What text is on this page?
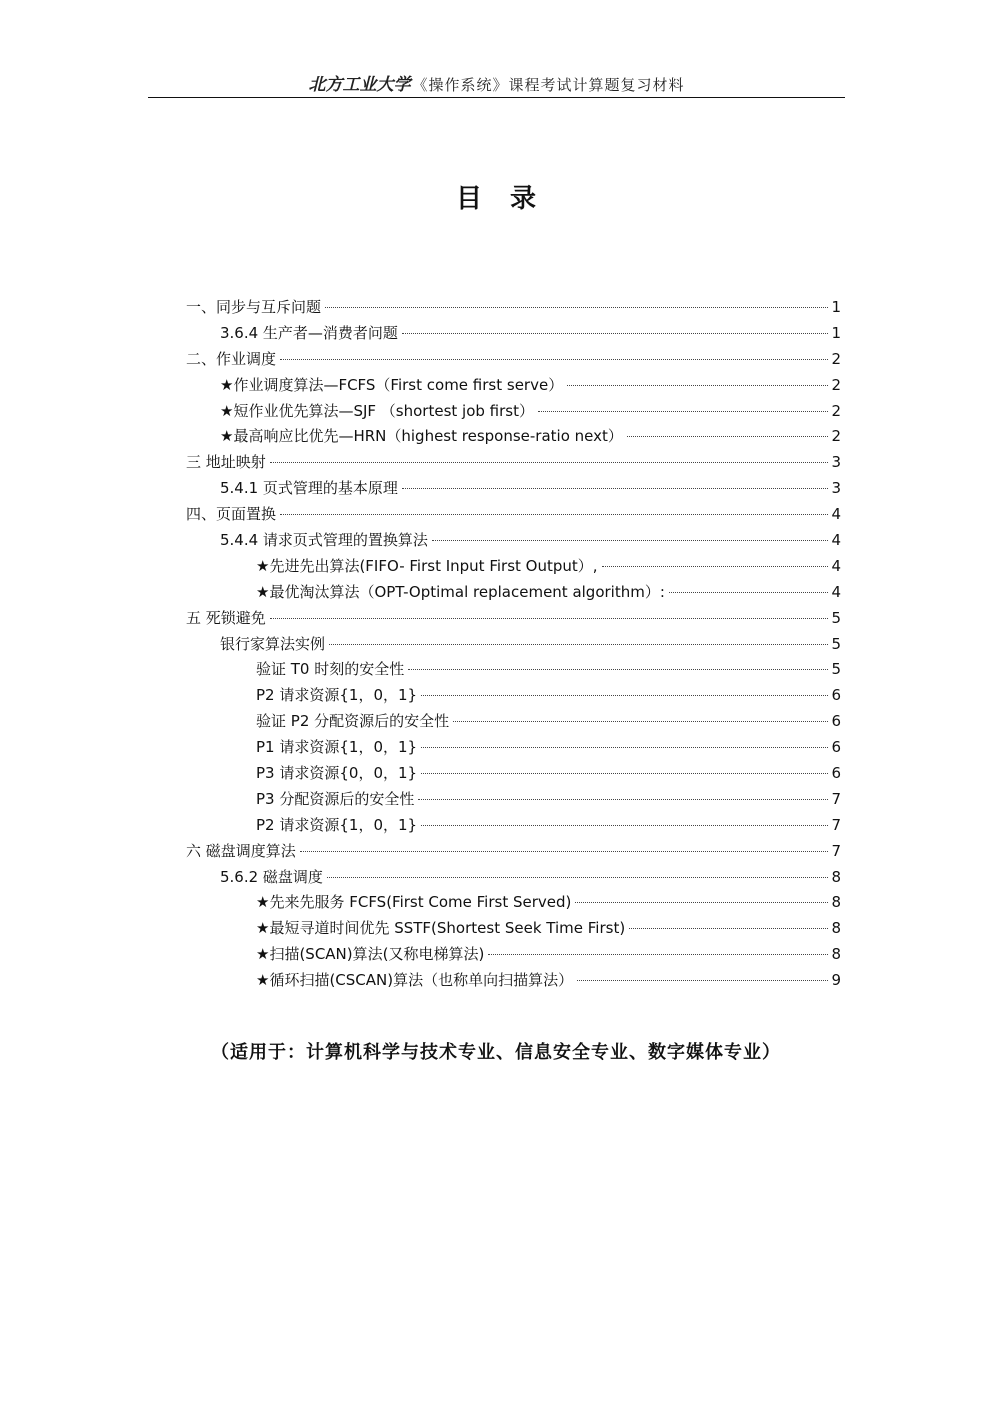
北方工业大学 《操作系统》课程考试计算题复习材料
目录
一、同步与互斥问题	1
3.6.4 生产者—消费者问题	1
二、作业调度	2
★作业调度算法—FCFS（First come first serve）	2
★短作业优先算法—SJF （shortest job first）	2
★最高响应比优先—HRN（highest response-ratio next）	2
三 地址映射	3
5.4.1 页式管理的基本原理	3
四、页面置换	4
5.4.4 请求页式管理的置换算法	4
★先进先出算法(FIFO- First Input First Output）,	4
★最优淘汰算法（OPT-Optimal replacement algorithm）:	4
五 死锁避免	5
银行家算法实例	5
验证 T0 时刻的安全性	5
P2 请求资源{1，0，1}	6
验证 P2 分配资源后的安全性	6
P1 请求资源{1，0，1}	6
P3 请求资源{0，0，1}	6
P3 分配资源后的安全性	7
P2 请求资源{1，0，1}	7
六 磁盘调度算法	7
5.6.2 磁盘调度	8
★先来先服务 FCFS(First Come First Served)	8
★最短寻道时间优先 SSTF(Shortest Seek Time First)	8
★扫描(SCAN)算法(又称电梯算法)	8
★循环扫描(CSCAN)算法（也称单向扫描算法）	9
（适用于：计算机科学与技术专业、信息安全专业、数字媒体专业）
